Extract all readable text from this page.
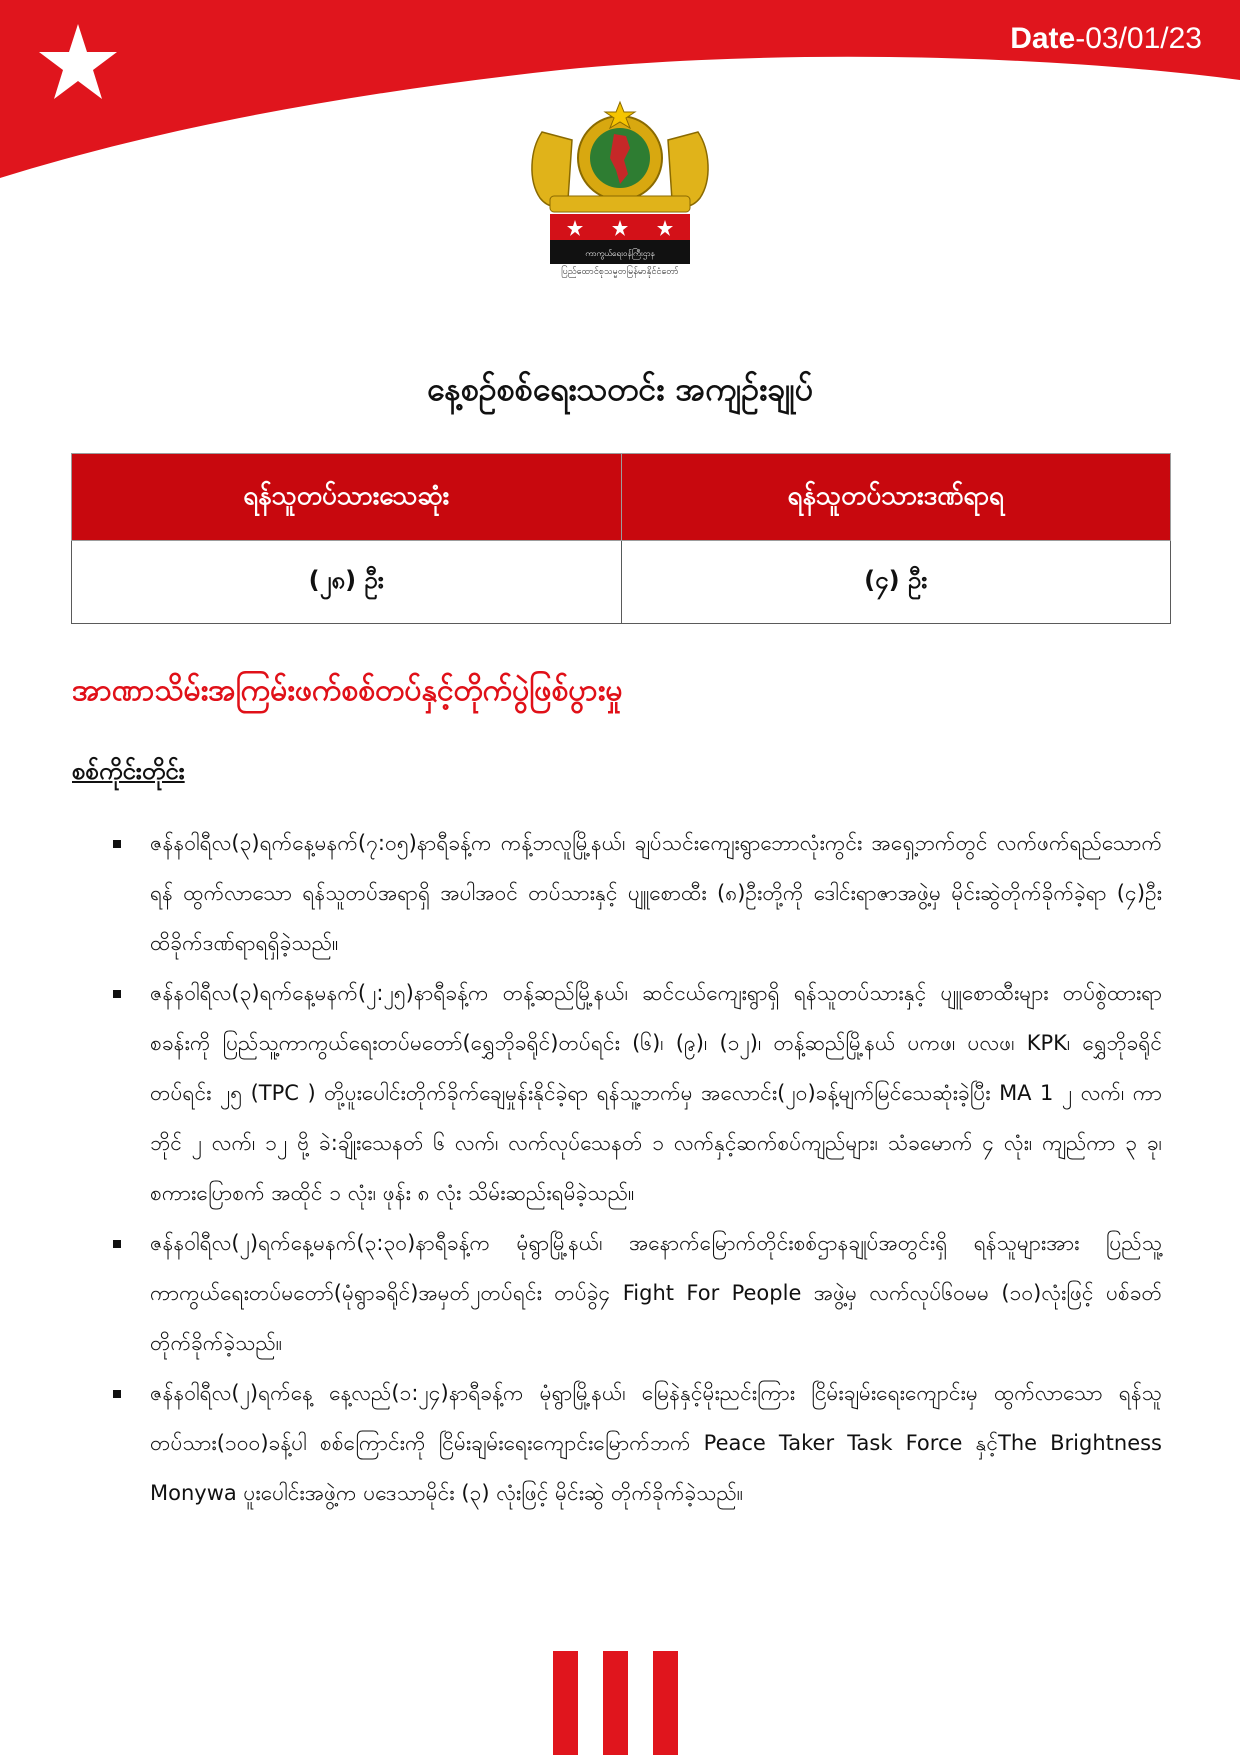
Date-03/01/23
ကာကွယ်ရေးဝန်ကြီးဌာန
ပြည်ထောင်စုသမ္မတမြန်မာနိုင်ငံတော်
နေ့စဉ်စစ်ရေးသတင်း အကျဉ်းချုပ်
ရန်သူတပ်သားသေဆုံး	ရန်သူတပ်သားဒဏ်ရာရ
(၂၈) ဦး	(၄) ဦး
အာဏာသိမ်းအကြမ်းဖက်စစ်တပ်နှင့်တိုက်ပွဲဖြစ်ပွားမှု
စစ်ကိုင်းတိုင်း
ဇန်နဝါရီလ(၃)ရက်နေ့မနက်(၇:၀၅)နာရီခန့်က ကန့်ဘလူမြို့နယ်၊ ချပ်သင်းကျေးရွာဘောလုံးကွင်း အရှေ့ဘက်တွင် လက်ဖက်ရည်သောက်ရန် ထွက်လာသော ရန်သူတပ်အရာရှိ အပါအဝင် တပ်သားနှင့် ပျူစောထီး (၈)ဦးတို့ကို ဒေါင်းရာဇာအဖွဲ့မှ မိုင်းဆွဲတိုက်ခိုက်ခဲ့ရာ (၄)ဦး ထိခိုက်ဒဏ်ရာရရှိခဲ့သည်။
ဇန်နဝါရီလ(၃)ရက်နေ့မနက်(၂:၂၅)နာရီခန့်က တန့်ဆည်မြို့နယ်၊ ဆင်ငယ်ကျေးရွာရှိ ရန်သူတပ်သားနှင့် ပျူစောထီးများ တပ်စွဲထားရာစခန်းကို ပြည်သူ့ကာကွယ်ရေးတပ်မတော်(ရွှေဘိုခရိုင်)တပ်ရင်း (၆)၊ (၉)၊ (၁၂)၊ တန့်ဆည်မြို့နယ် ပကဖ၊ ပလဖ၊ KPK၊ ရွှေဘိုခရိုင် တပ်ရင်း ၂၅ (TPC ) တို့ပူးပေါင်းတိုက်ခိုက်ချေမှုန်းနိုင်ခဲ့ရာ ရန်သူ့ဘက်မှ အလောင်း(၂၀)ခန့်မျက်မြင်သေဆုံးခဲ့ပြီး MA 1 ၂ လက်၊ ကာဘိုင် ၂ လက်၊ ၁၂ ဗို့ ခဲ:ချိုးသေနတ် ၆ လက်၊ လက်လုပ်သေနတ် ၁ လက်နှင့်ဆက်စပ်ကျည်များ၊ သံခမောက် ၄ လုံး၊ ကျည်ကာ ၃ ခု၊ စကားပြောစက် အထိုင် ၁ လုံး၊ ဖုန်း ၈ လုံး သိမ်းဆည်းရမိခဲ့သည်။
ဇန်နဝါရီလ(၂)ရက်နေ့မနက်(၃:၃၀)နာရီခန့်က မုံရွာမြို့နယ်၊ အနောက်မြောက်တိုင်းစစ်ဌာနချုပ်အတွင်းရှိ ရန်သူများအား ပြည်သူ့ကာကွယ်ရေးတပ်မတော်(မုံရွာခရိုင်)အမှတ်၂တပ်ရင်း တပ်ခွဲ၄ Fight For People အဖွဲ့မှ လက်လုပ်၆၀မမ (၁၀)လုံးဖြင့် ပစ်ခတ်တိုက်ခိုက်ခဲ့သည်။
ဇန်နဝါရီလ(၂)ရက်နေ့ နေ့လည်(၁:၂၄)နာရီခန့်က မုံရွာမြို့နယ်၊ မြေနဲနှင့်မိုးညင်းကြား ငြိမ်းချမ်းရေးကျောင်းမှ ထွက်လာသော ရန်သူတပ်သား(၁၀၀)ခန့်ပါ စစ်ကြောင်းကို ငြိမ်းချမ်းရေးကျောင်းမြောက်ဘက် Peace Taker Task Force နှင့်The Brightness Monywa ပူးပေါင်းအဖွဲ့က ပဒေသာမိုင်း (၃) လုံးဖြင့် မိုင်းဆွဲ တိုက်ခိုက်ခဲ့သည်။
